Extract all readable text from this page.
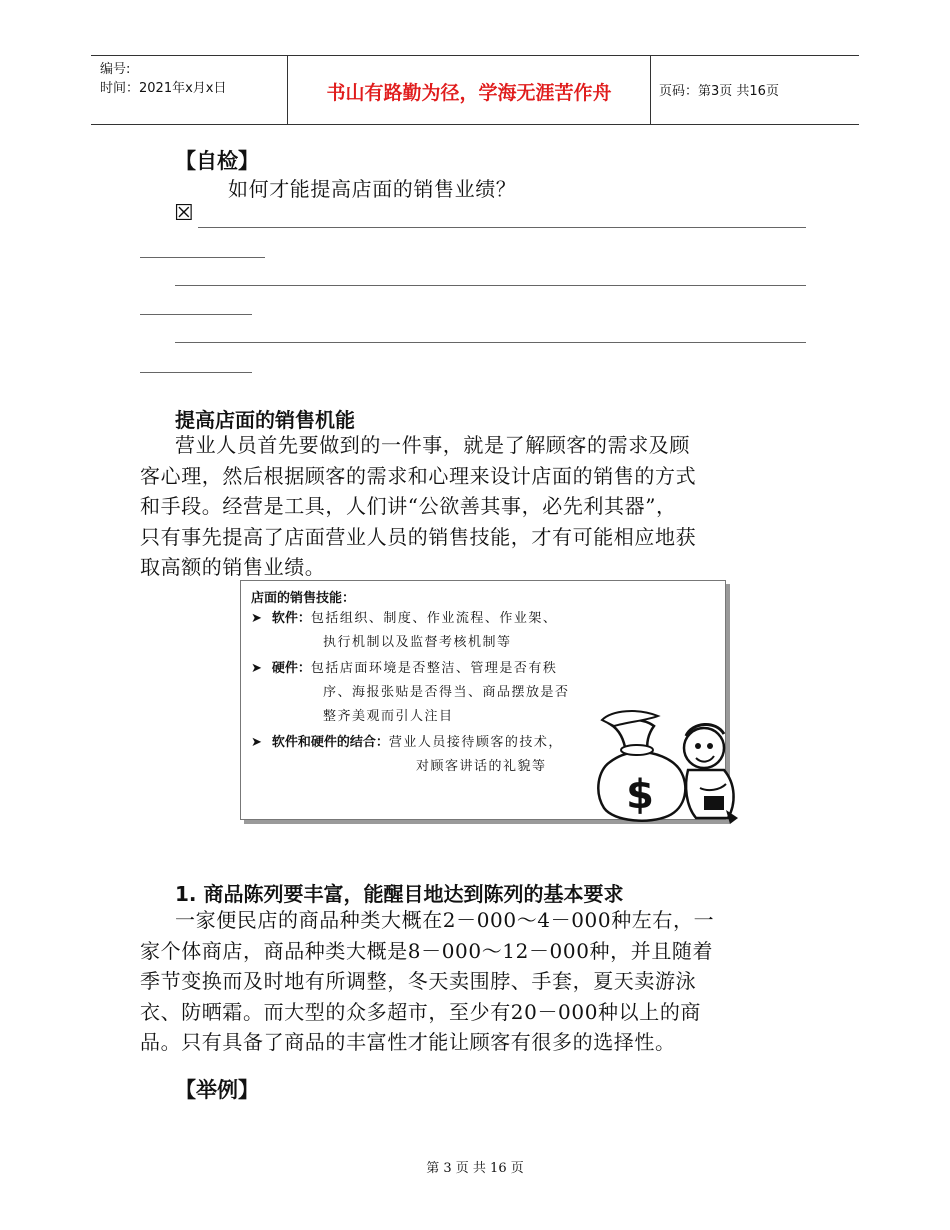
编号:
时间：2021年x月x日	书山有路勤为径，学海无涯苦作舟	页码：第3页 共16页
【自检】
如何才能提高店面的销售业绩？
☒
提高店面的销售机能
营业人员首先要做到的一件事，就是了解顾客的需求及顾
客心理，然后根据顾客的需求和心理来设计店面的销售的方式
和手段。经营是工具，人们讲“公欲善其事，必先利其器”，
只有事先提高了店面营业人员的销售技能，才有可能相应地获
取高额的销售业绩。
店面的销售技能：
➤ 软件：包括组织、制度、作业流程、作业架、
执行机制以及监督考核机制等
➤ 硬件：包括店面环境是否整洁、管理是否有秩
序、海报张贴是否得当、商品摆放是否
整齐美观而引人注目
➤ 软件和硬件的结合：营业人员接待顾客的技术，
对顾客讲话的礼貌等
$
1. 商品陈列要丰富，能醒目地达到陈列的基本要求
一家便民店的商品种类大概在2－000～4－000种左右，一
家个体商店，商品种类大概是8－000～12－000种，并且随着
季节变换而及时地有所调整，冬天卖围脖、手套，夏天卖游泳
衣、防晒霜。而大型的众多超市，至少有20－000种以上的商
品。只有具备了商品的丰富性才能让顾客有很多的选择性。
【举例】
第 3 页 共 16 页
